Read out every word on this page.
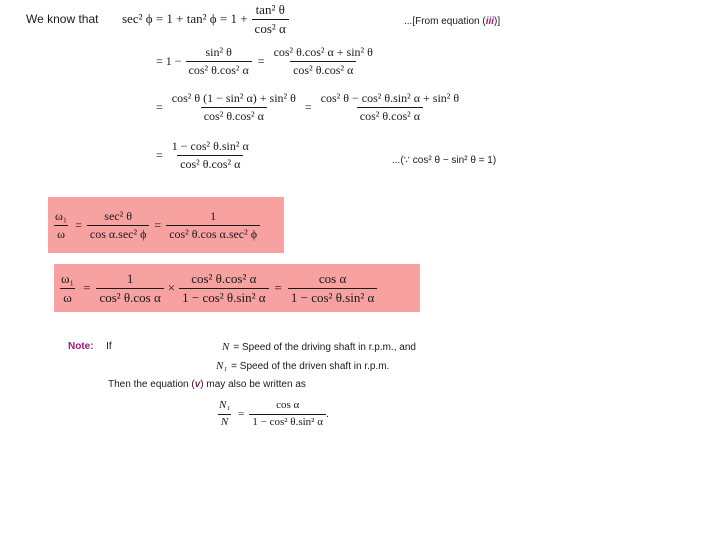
We know that sec² ϕ = 1 + tan² $\phi = 1 + \frac{\text{tan² θ}}{\text{cos² α}}$	...[From equation (iii)]
= $1 - \frac{\text{sin² θ}}{\text{cos² θ.cos² α}} = \frac{\text{cos² θ.cos² α + sin² θ}}{\text{cos² θ.cos² α}}$
= $\frac{\text{cos² θ (1 − sin² α) + sin² θ}}{\text{cos² θ.cos² α}} = \frac{\text{cos² θ − cos² θ.sin² α + sin² θ}}{\text{cos² θ.cos² α}}$
= $\frac{\text{1 − cos² θ.sin² α}}{\text{cos² θ.cos² α}}$	...(∵ cos² θ − sin² θ = 1)
$\frac{\text{ω₁}}{\omega} = \frac{\text{sec² θ}}{\text{cos α.sec² ϕ}} = \frac{1}{\text{cos² θ.cos α.sec² ϕ}}$
$\frac{\text{ω₁}}{\omega} = \frac{1}{\text{cos² θ.cos α}} \times \frac{\text{cos² θ.cos² α}}{\text{1 − cos² θ.sin² α}} = \frac{\text{cos α}}{\text{1 − cos² θ.sin² α}}$
Note: If	N = Speed of the driving shaft in r.p.m., and
N₁ = Speed of the driven shaft in r.p.m.
Then the equation (v) may also be written as
$\frac{\text{N₁}}{N} = \frac{\text{cos α}}{\text{1 − cos² θ.sin² α}}$ .
